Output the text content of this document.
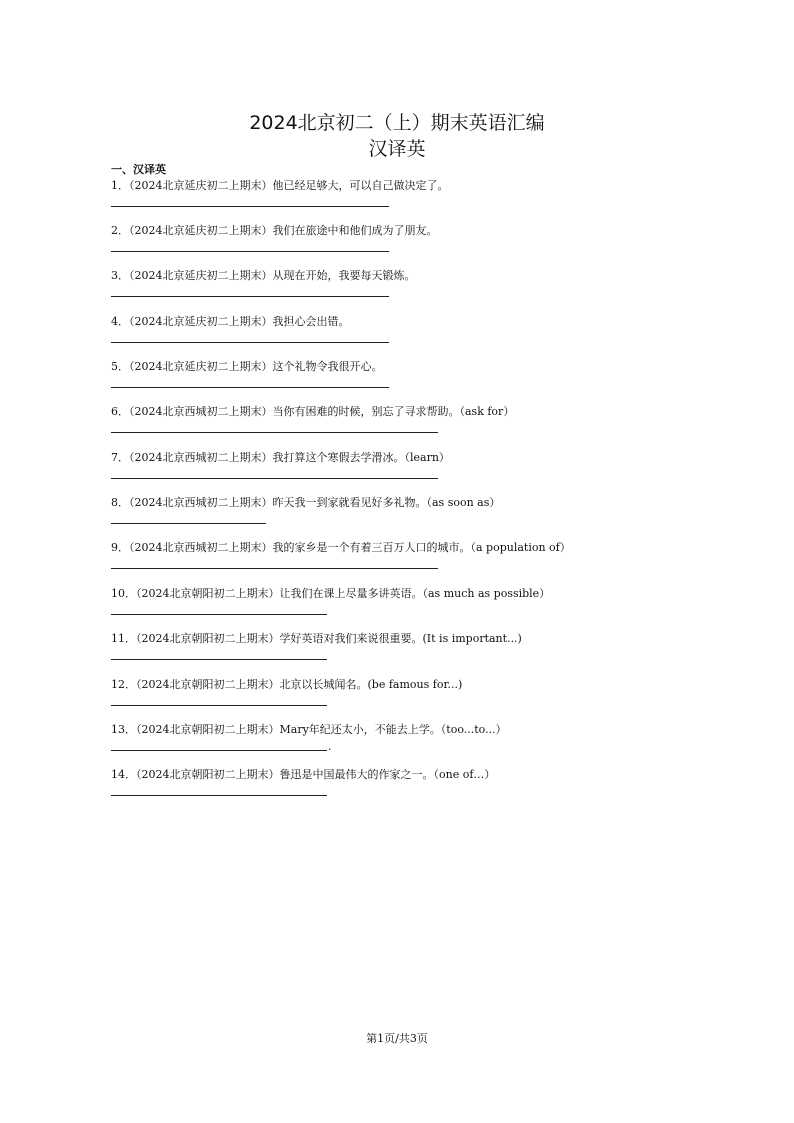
2024北京初二（上）期末英语汇编
汉译英
一、汉译英
1．（2024北京延庆初二上期末）他已经足够大，可以自己做决定了。
2．（2024北京延庆初二上期末）我们在旅途中和他们成为了朋友。
3．（2024北京延庆初二上期末）从现在开始，我要每天锻炼。
4．（2024北京延庆初二上期末）我担心会出错。
5．（2024北京延庆初二上期末）这个礼物令我很开心。
6．（2024北京西城初二上期末）当你有困难的时候，别忘了寻求帮助。（ask for）
7．（2024北京西城初二上期末）我打算这个寒假去学滑冰。（learn）
8．（2024北京西城初二上期末）昨天我一到家就看见好多礼物。（as soon as）
9．（2024北京西城初二上期末）我的家乡是一个有着三百万人口的城市。（a population of）
10．（2024北京朝阳初二上期末）让我们在课上尽量多讲英语。（as much as possible）
11．（2024北京朝阳初二上期末）学好英语对我们来说很重要。(It is important...)
12．（2024北京朝阳初二上期末）北京以长城闻名。(be famous for...)
13．（2024北京朝阳初二上期末）Mary年纪还太小，不能去上学。（too...to...）
.
14．（2024北京朝阳初二上期末）鲁迅是中国最伟大的作家之一。（one of…）
第1页/共3页
